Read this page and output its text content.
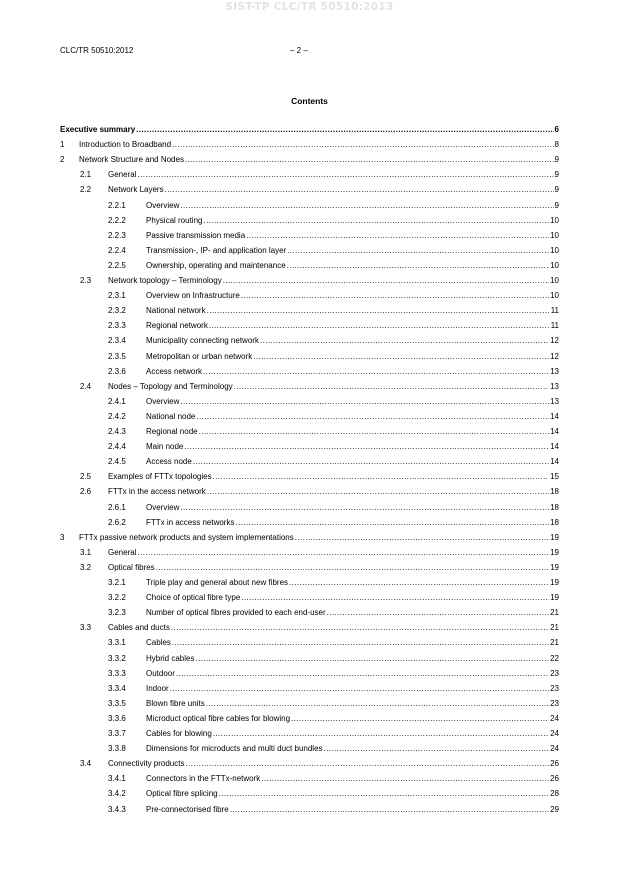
SIST-TP CLC/TR 50510:2013
CLC/TR 50510:2012	– 2 –
Contents
Executive summary .....	6
1 Introduction to Broadband .....	8
2 Network Structure and Nodes .....	9
2.1 General .....	9
2.2 Network Layers .....	9
2.2.1	Overview .....	9
2.2.2	Physical routing .....	10
2.2.3	Passive transmission media .....	10
2.2.4	Transmission-, IP- and application layer .....	10
2.2.5	Ownership, operating and maintenance .....	10
2.3 Network topology – Terminology .....	10
2.3.1	Overview on Infrastructure .....	10
2.3.2	National network .....	11
2.3.3	Regional network .....	11
2.3.4	Municipality connecting network .....	12
2.3.5	Metropolitan or urban network .....	12
2.3.6	Access network .....	13
2.4 Nodes – Topology and Terminology .....	13
2.4.1	Overview .....	13
2.4.2	National node .....	14
2.4.3	Regional node .....	14
2.4.4	Main node .....	14
2.4.5	Access node .....	14
2.5 Examples of FTTx topologies .....	15
2.6 FTTx in the access network .....	18
2.6.1	Overview .....	18
2.6.2	FTTx in access networks .....	18
3 FTTx passive network products and system implementations .....	19
3.1 General .....	19
3.2 Optical fibres .....	19
3.2.1	Triple play and general about new fibres .....	19
3.2.2	Choice of optical fibre type .....	19
3.2.3	Number of optical fibres provided to each end-user .....	21
3.3 Cables and ducts .....	21
3.3.1	Cables .....	21
3.3.2	Hybrid cables .....	22
3.3.3	Outdoor .....	23
3.3.4	Indoor .....	23
3.3.5	Blown fibre units .....	23
3.3.6	Microduct optical fibre cables for blowing .....	24
3.3.7	Cables for blowing .....	24
3.3.8	Dimensions for microducts and multi duct bundles .....	24
3.4 Connectivity products .....	26
3.4.1	Connectors in the FTTx-network .....	26
3.4.2	Optical fibre splicing .....	28
3.4.3	Pre-connectorised fibre .....	29
